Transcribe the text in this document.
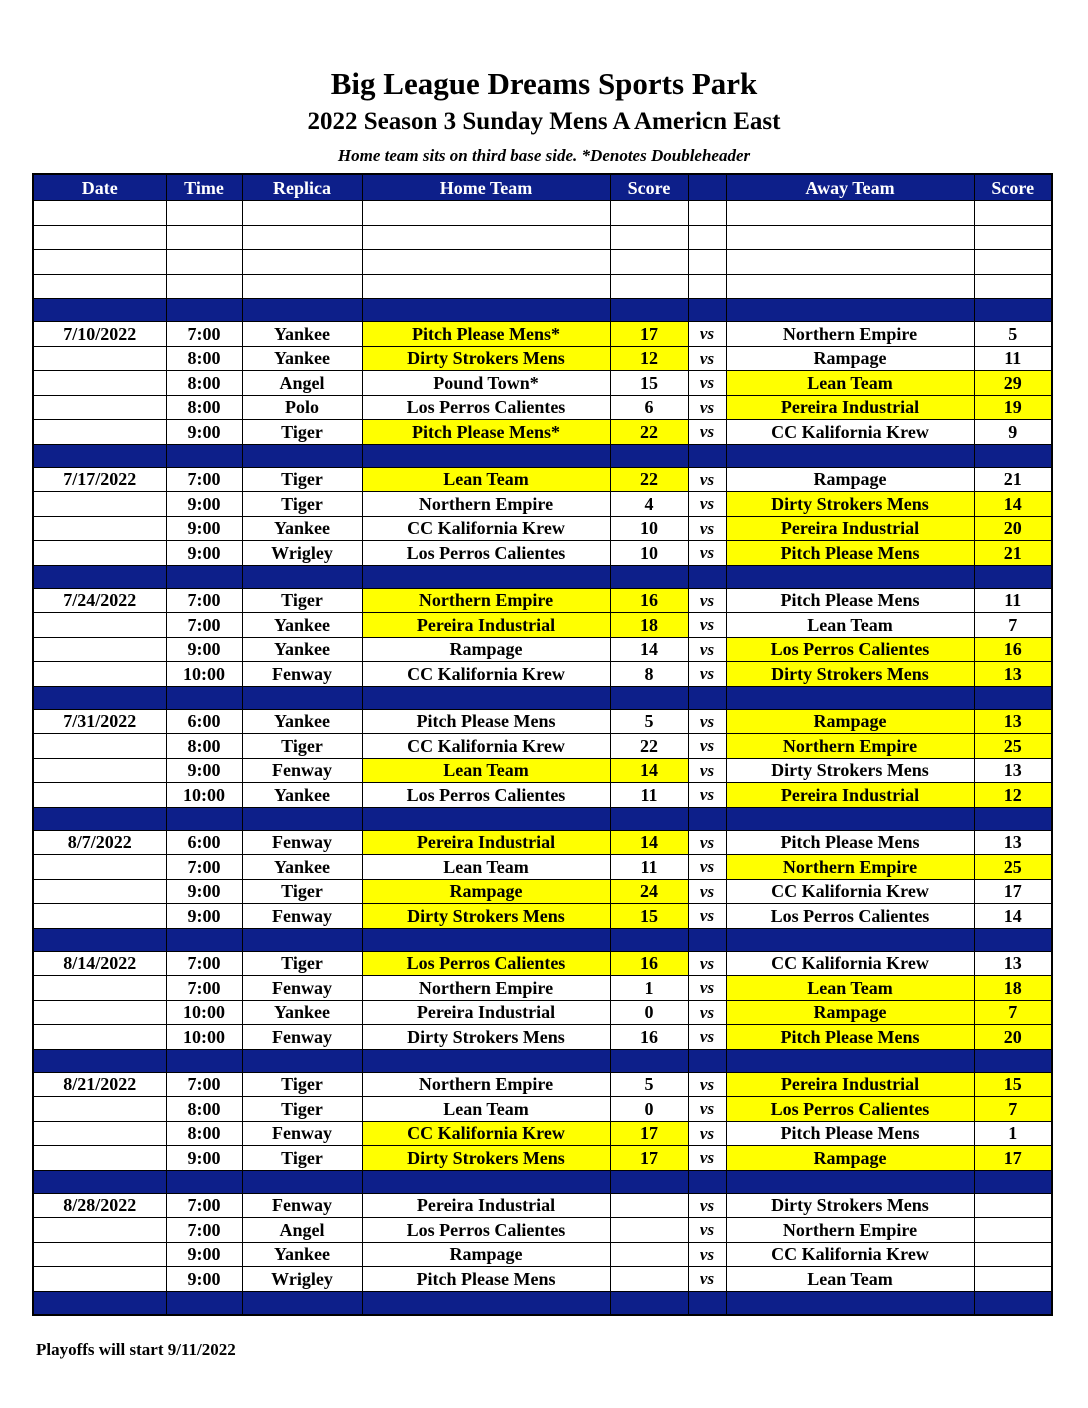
Big League Dreams Sports Park
2022 Season 3 Sunday Mens A Americn East
Home team sits on third base side. *Denotes Doubleheader
Date	Time	Replica	Home Team	Score		Away Team	Score

7/10/2022	7:00	Yankee	Pitch Please Mens*	17	vs	Northern Empire	5
	8:00	Yankee	Dirty Strokers Mens	12	vs	Rampage	11
	8:00	Angel	Pound Town*	15	vs	Lean Team	29
	8:00	Polo	Los Perros Calientes	6	vs	Pereira Industrial	19
	9:00	Tiger	Pitch Please Mens*	22	vs	CC Kalifornia Krew	9

7/17/2022	7:00	Tiger	Lean Team	22	vs	Rampage	21
	9:00	Tiger	Northern Empire	4	vs	Dirty Strokers Mens	14
	9:00	Yankee	CC Kalifornia Krew	10	vs	Pereira Industrial	20
	9:00	Wrigley	Los Perros Calientes	10	vs	Pitch Please Mens	21

7/24/2022	7:00	Tiger	Northern Empire	16	vs	Pitch Please Mens	11
	7:00	Yankee	Pereira Industrial	18	vs	Lean Team	7
	9:00	Yankee	Rampage	14	vs	Los Perros Calientes	16
	10:00	Fenway	CC Kalifornia Krew	8	vs	Dirty Strokers Mens	13

7/31/2022	6:00	Yankee	Pitch Please Mens	5	vs	Rampage	13
	8:00	Tiger	CC Kalifornia Krew	22	vs	Northern Empire	25
	9:00	Fenway	Lean Team	14	vs	Dirty Strokers Mens	13
	10:00	Yankee	Los Perros Calientes	11	vs	Pereira Industrial	12

8/7/2022	6:00	Fenway	Pereira Industrial	14	vs	Pitch Please Mens	13
	7:00	Yankee	Lean Team	11	vs	Northern Empire	25
	9:00	Tiger	Rampage	24	vs	CC Kalifornia Krew	17
	9:00	Fenway	Dirty Strokers Mens	15	vs	Los Perros Calientes	14

8/14/2022	7:00	Tiger	Los Perros Calientes	16	vs	CC Kalifornia Krew	13
	7:00	Fenway	Northern Empire	1	vs	Lean Team	18
	10:00	Yankee	Pereira Industrial	0	vs	Rampage	7
	10:00	Fenway	Dirty Strokers Mens	16	vs	Pitch Please Mens	20

8/21/2022	7:00	Tiger	Northern Empire	5	vs	Pereira Industrial	15
	8:00	Tiger	Lean Team	0	vs	Los Perros Calientes	7
	8:00	Fenway	CC Kalifornia Krew	17	vs	Pitch Please Mens	1
	9:00	Tiger	Dirty Strokers Mens	17	vs	Rampage	17

8/28/2022	7:00	Fenway	Pereira Industrial		vs	Dirty Strokers Mens	
	7:00	Angel	Los Perros Calientes		vs	Northern Empire	
	9:00	Yankee	Rampage		vs	CC Kalifornia Krew	
	9:00	Wrigley	Pitch Please Mens		vs	Lean Team	

Playoffs will start 9/11/2022
